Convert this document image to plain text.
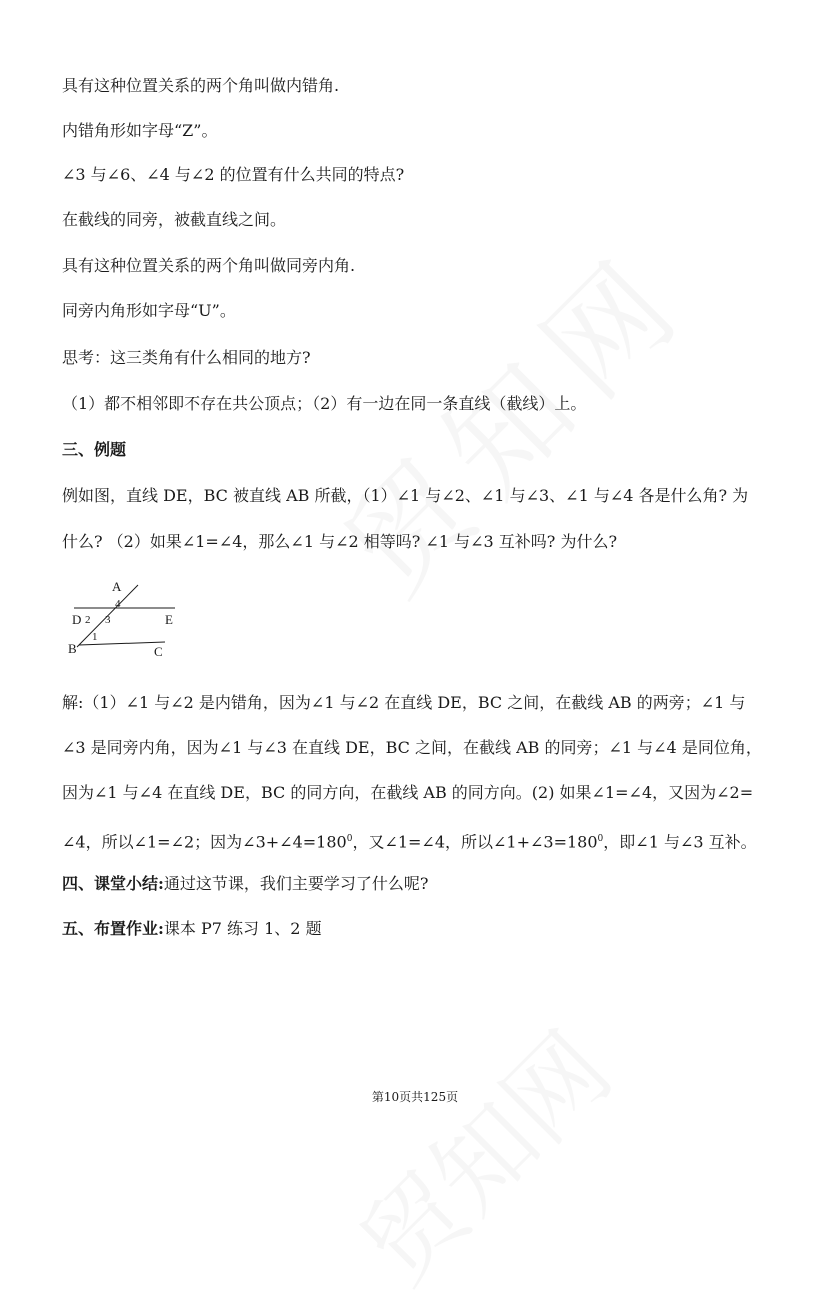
具有这种位置关系的两个角叫做内错角.
内错角形如字母“Z”。
∠3 与∠6、∠4 与∠2 的位置有什么共同的特点?
在截线的同旁，被截直线之间。
具有这种位置关系的两个角叫做同旁内角.
同旁内角形如字母“U”。
思考：这三类角有什么相同的地方?
（1）都不相邻即不存在共公顶点；（2）有一边在同一条直线（截线）上。
三、例题
例如图，直线 DE，BC 被直线 AB 所截，（1）∠1 与∠2、∠1 与∠3、∠1 与∠4 各是什么角? 为
什么? （2）如果∠1=∠4，那么∠1 与∠2 相等吗? ∠1 与∠3 互补吗? 为什么?
A
4
D 2 3	E
1
B	C
解:（1）∠1 与∠2 是内错角，因为∠1 与∠2 在直线 DE，BC 之间，在截线 AB 的两旁；∠1 与
∠3 是同旁内角，因为∠1 与∠3 在直线 DE，BC 之间，在截线 AB 的同旁；∠1 与∠4 是同位角，
因为∠1 与∠4 在直线 DE，BC 的同方向，在截线 AB 的同方向。(2) 如果∠1=∠4，又因为∠2=
∠4，所以∠1=∠2；因为$\angle 3+\angle 4=180^0$，又∠1=∠4，所以$\angle 1+\angle 3=180^0$，即∠1 与∠3 互补。
四、课堂小结:通过这节课，我们主要学习了什么呢?
五、布置作业:课本 P7 练习 1、2 题
第10页共125页
